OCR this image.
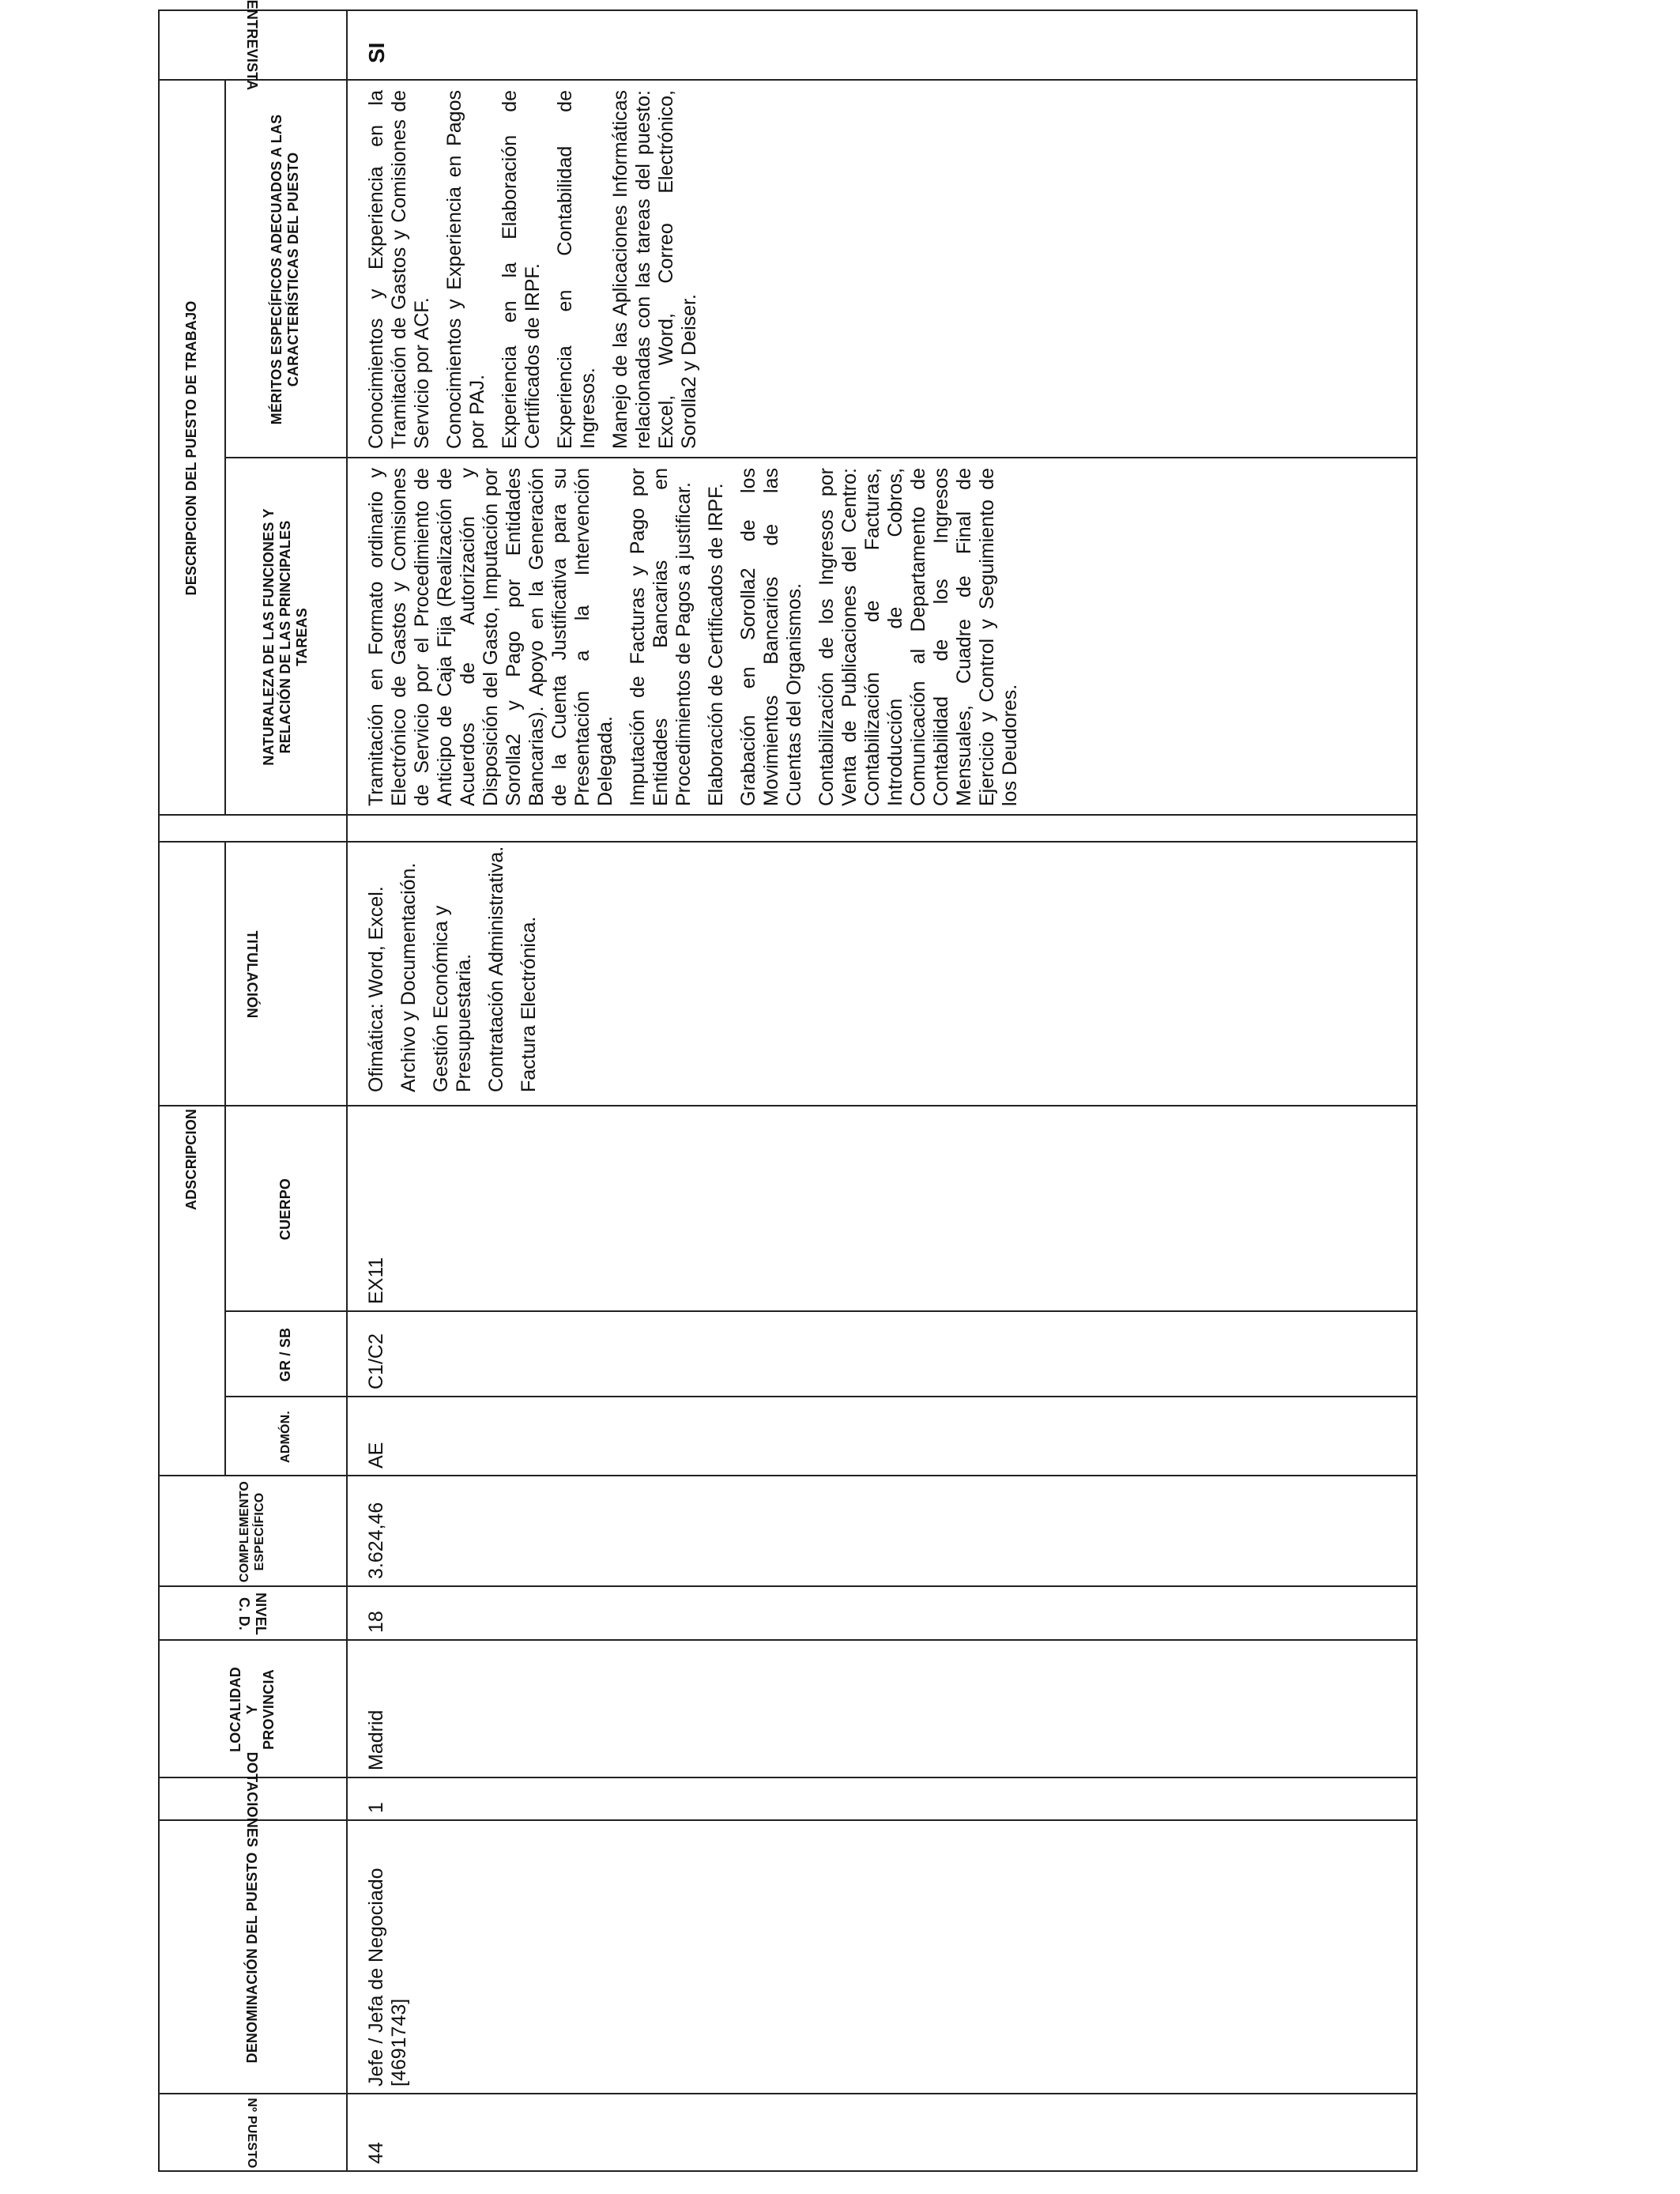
Nº PUESTO
DENOMINACIÓN DEL PUESTO
DOTACIONES
LOCALIDAD Y PROVINCIA
NIVEL C. D.
COMPLEMENTO ESPECÍFICO
ADSCRIPCION
ADMÓN.
GR / SB
CUERPO
TITULACIÓN
DESCRIPCION DEL PUESTO DE TRABAJO
NATURALEZA DE LAS FUNCIONES Y RELACIÓN DE LAS PRINCIPALES TAREAS
MÉRITOS ESPECÍFICOS ADECUADOS A LAS CARACTERÍSTICAS DEL PUESTO
ENTREVISTA
44
Jefe / Jefa de Negociado [4691743]
1
Madrid
18
3.624,46
AE
C1/C2
EX11

Ofimática: Word, Excel. Archivo y Documentación. Gestión Económica y Presupuestaria. Contratación Administrativa. Factura Electrónica.

Tramitación en Formato ordinario y Electrónico de Gastos y Comisiones de Servicio por el Procedimiento de Anticipo de Caja Fija (Realización de Acuerdos de Autorización y Disposición del Gasto, Imputación por Sorolla2 y Pago por Entidades Bancarias). Apoyo en la Generación de la Cuenta Justificativa para su Presentación a la Intervención Delegada. Imputación de Facturas y Pago por Entidades Bancarias en Procedimientos de Pagos a justificar. Elaboración de Certificados de IRPF. Grabación en Sorolla2 de los Movimientos Bancarios de las Cuentas del Organismos. Contabilización de los Ingresos por Venta de Publicaciones del Centro: Contabilización de Facturas, Introducción de Cobros, Comunicación al Departamento de Contabilidad de los Ingresos Mensuales, Cuadre de Final de Ejercicio y Control y Seguimiento de los Deudores.

Conocimientos y Experiencia en la Tramitación de Gastos y Comisiones de Servicio por ACF. Conocimientos y Experiencia en Pagos por PAJ. Experiencia en la Elaboración de Certificados de IRPF. Experiencia en Contabilidad de Ingresos. Manejo de las Aplicaciones Informáticas relacionadas con las tareas del puesto: Excel, Word, Correo Electrónico, Sorolla2 y Deiser.

SI
